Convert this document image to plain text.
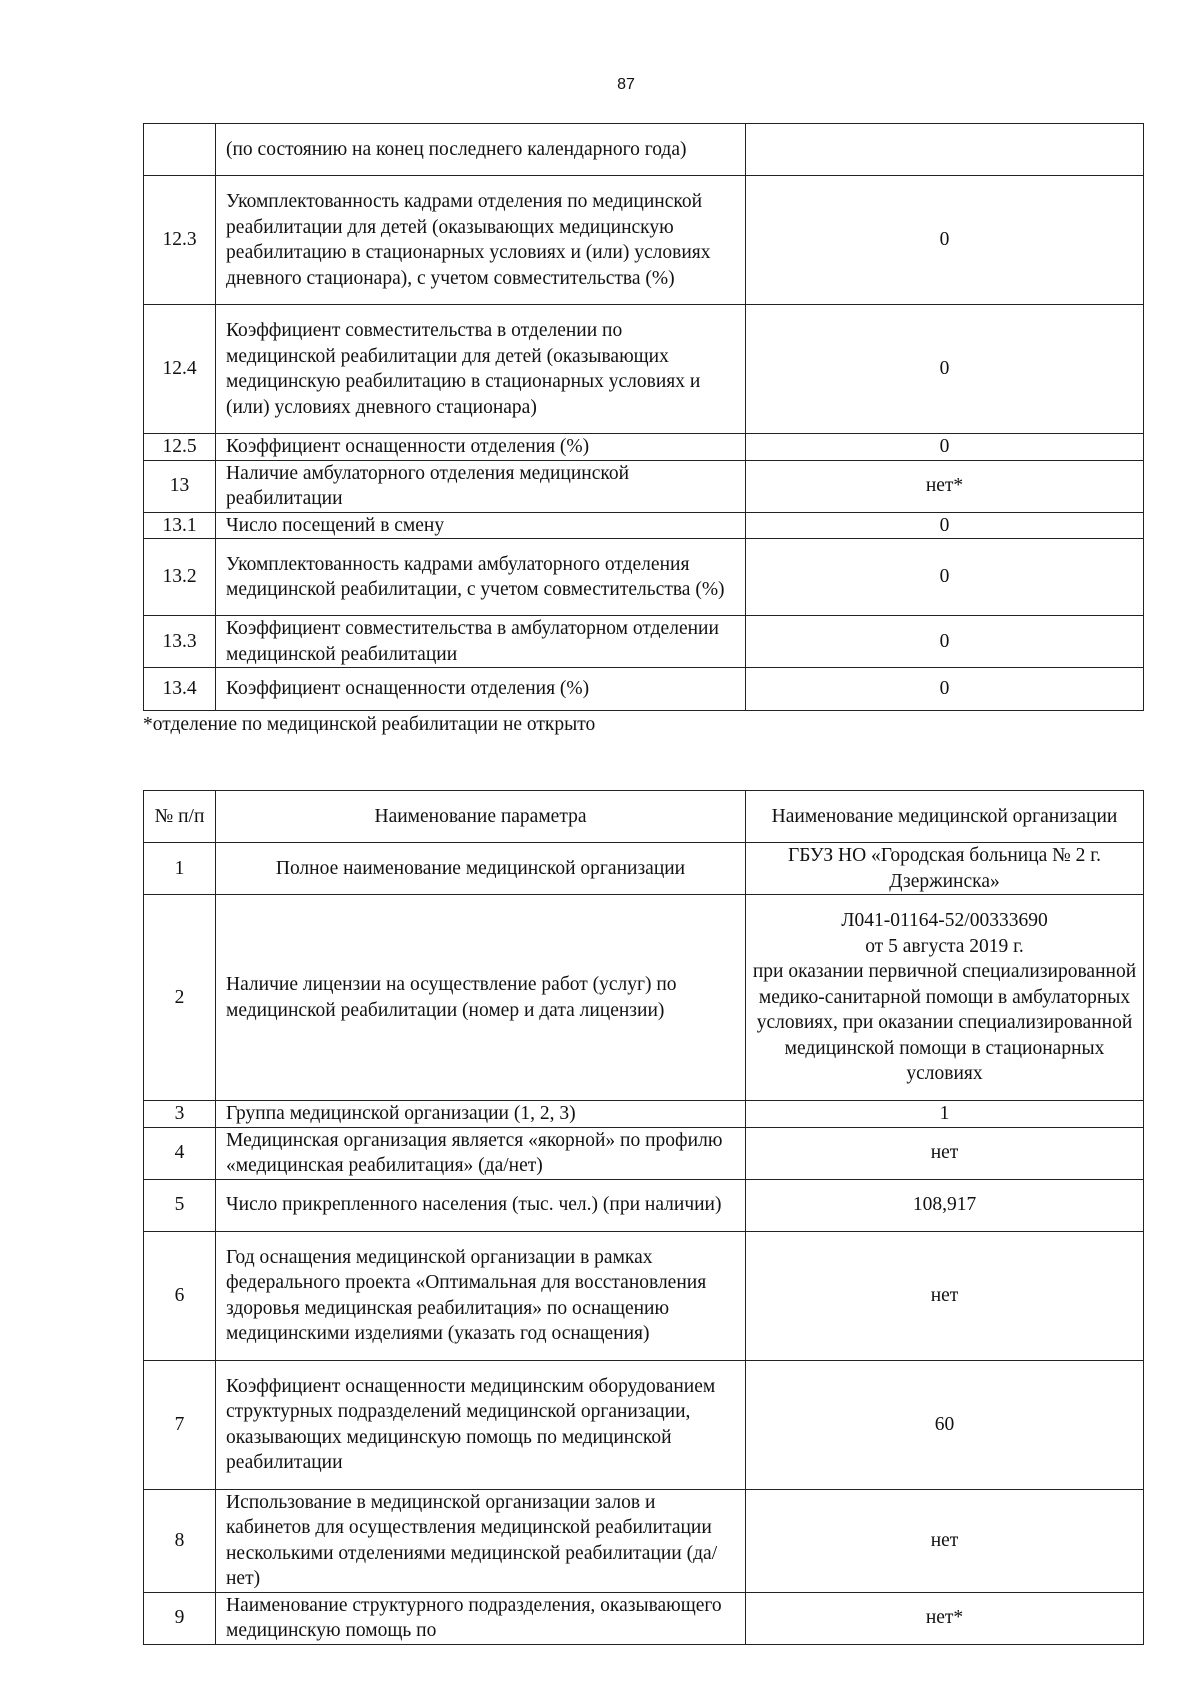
87
	(по состоянию на конец последнего календарного года)	
12.3	Укомплектованность кадрами отделения по медицинской реабилитации для детей (оказывающих медицинскую реабилитацию в стационарных условиях и (или) условиях дневного стационара), с учетом совместительства (%)	0
12.4	Коэффициент совместительства в отделении по медицинской реабилитации для детей (оказывающих медицинскую реабилитацию в стационарных условиях и (или) условиях дневного стационара)	0
12.5	Коэффициент оснащенности отделения (%)	0
13	Наличие амбулаторного отделения медицинской реабилитации	нет*
13.1	Число посещений в смену	0
13.2	Укомплектованность кадрами амбулаторного отделения медицинской реабилитации, с учетом совместительства (%)	0
13.3	Коэффициент совместительства в амбулаторном отделении медицинской реабилитации	0
13.4	Коэффициент оснащенности отделения (%)	0
*отделение по медицинской реабилитации не открыто
№ п/п	Наименование параметра	Наименование медицинской организации
1	Полное наименование медицинской организации	ГБУЗ НО «Городская больница № 2 г. Дзержинска»
2	Наличие лицензии на осуществление работ (услуг) по медицинской реабилитации (номер и дата лицензии)	Л041-01164-52/00333690
от 5 августа 2019 г.
при оказании первичной специализированной медико-санитарной помощи в амбулаторных условиях, при оказании специализированной медицинской помощи в стационарных условиях

3	Группа медицинской организации (1, 2, 3)	1
4	Медицинская организация является «якорной» по профилю «медицинская реабилитация» (да/нет)	нет
5	Число прикрепленного населения (тыс. чел.) (при наличии)	108,917
6	Год оснащения медицинской организации в рамках федерального проекта «Оптимальная для восстановления здоровья медицинская реабилитация» по оснащению медицинскими изделиями (указать год оснащения)	нет
7	Коэффициент оснащенности медицинским оборудованием структурных подразделений медицинской организации, оказывающих медицинскую помощь по медицинской реабилитации	60
8	Использование в медицинской организации залов и кабинетов для осуществления медицинской реабилитации несколькими отделениями медицинской реабилитации (да/нет)	нет
9	Наименование структурного подразделения, оказывающего медицинскую помощь по	нет*
